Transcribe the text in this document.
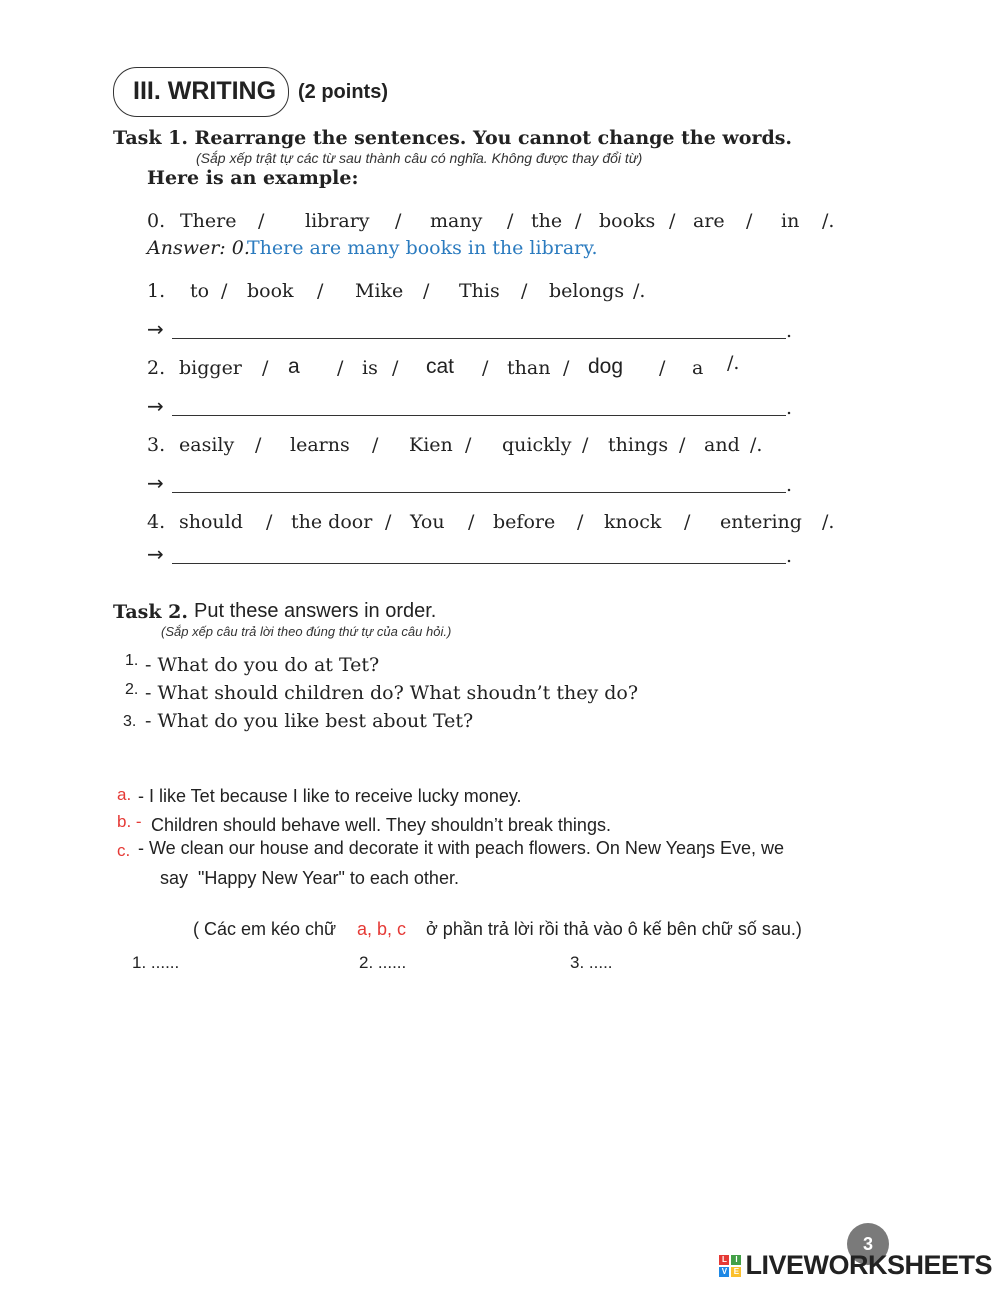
III. WRITING (2 points)
Task 1. Rearrange the sentences. You cannot change the words.
(Sắp xếp trật tự các từ sau thành câu có nghĩa. Không được thay đổi từ)
Here is an example:
0. There / library / many / the / books / are / in /.
Answer: 0.
There are many books in the library.
1. to / book / Mike / This / belongs /.
→	.
2. bigger / a / is / cat / than / dog / a /.
→	.
3. easily / learns / Kien / quickly / things / and /.
→	.
4. should / the door / You / before / knock / entering /.
→	.
Task 2. Put these answers in order.
(Sắp xếp câu trả lời theo đúng thứ tự của câu hỏi.)
1. - What do you do at Tet?
2. - What should children do? What shoudn’t they do?
3. - What do you like best about Tet?
a. - I like Tet because I like to receive lucky money.
b. - Children should behave well. They shouldn’t break things.
c. - We clean our house and decorate it with peach flowers. On New Yeaŋs Eve, we
say  "Happy New Year" to each other.
( Các em kéo chữ a, b, c ở phần trả lời rồi thả vào ô kế bên chữ số sau.)
1. ......	2. ......	3. .....
3
L	I
V E LIVEWORKSHEETS
